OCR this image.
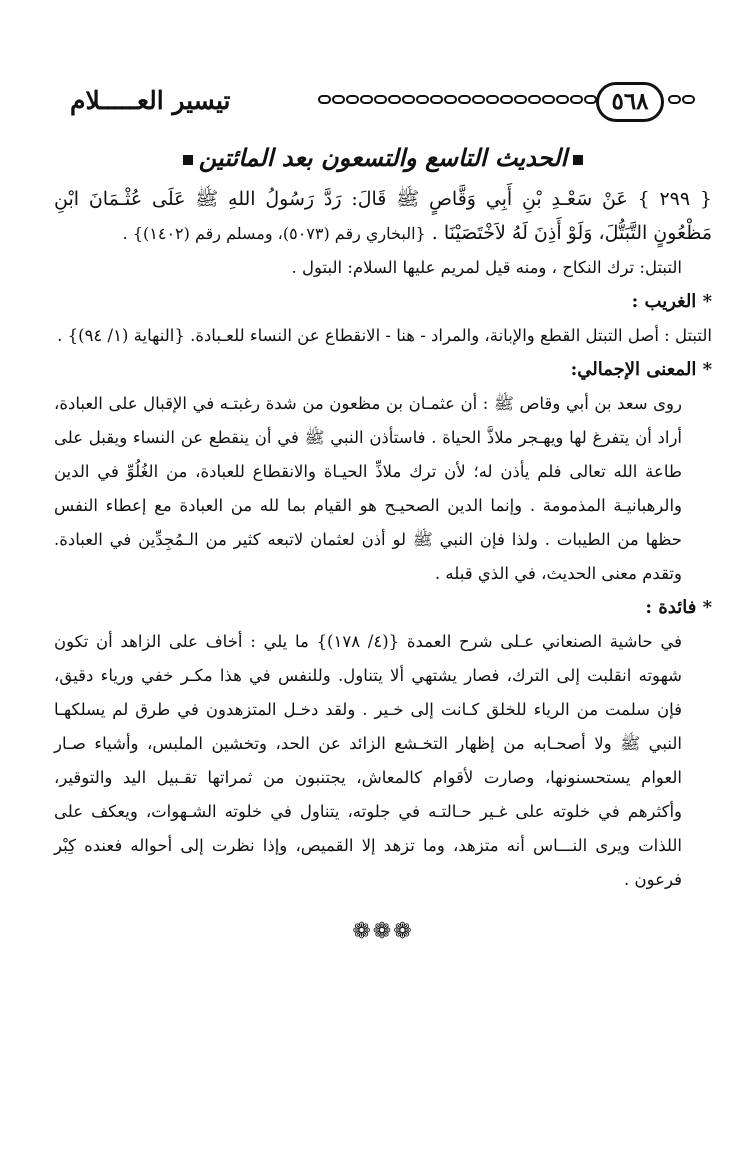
تيسير العـــــلام	٥٦٨

الحديث التاسع والتسعون بعد المائتين

{ ٢٩٩ } عَنْ سَعْـدِ بْنِ أَبِي وَقَّاصٍ ﷺ قَالَ: رَدَّ رَسُولُ اللهِ ﷺ عَلَى عُثْـمَانَ ابْنِ مَظْعُونٍ التَّبَتُّلَ، وَلَوْ أَذِنَ لَهُ لاَخْتَصَيْنَا . {البخاري رقم (٥٠٧٣)، ومسلم رقم (١٤٠٢)} .

التبتل: ترك النكاح ، ومنه قيل لمريم عليها السلام: البتول .

* الغريب :

التبتل : أصل التبتل القطع والإبانة، والمراد - هنا - الانقطاع عن النساء للعـبادة. {النهاية (١/ ٩٤)} .

* المعنى الإجمالي:

روى سعد بن أبي وقاص ﷺ : أن عثمـان بن مظعون من شدة رغبتـه في الإقبال على العبادة، أراد أن يتفرغ لها ويهـجر ملاذَّ الحياة . فاستأذن النبي ﷺ في أن ينقطع عن النساء ويقبل على طاعة الله تعالى فلم يأذن له؛ لأن ترك ملاذِّ الحيـاة والانقطاع للعبادة، من الغُلُوِّ في الدين والرهبانيـة المذمومة . وإنما الدين الصحيـح هو القيام بما لله من العبادة مع إعطاء النفس حظها من الطيبات . ولذا فإن النبي ﷺ لو أذن لعثمان لاتبعه كثير من الـمُجِدِّين في العبادة. وتقدم معنى الحديث، في الذي قبله .

* فائدة :

في حاشية الصنعاني عـلى شرح العمدة {(٤/ ١٧٨)} ما يلي : أخاف على الزاهد أن تكون شهوته انقلبت إلى الترك، فصار يشتهي ألا يتناول. وللنفس في هذا مكـر خفي ورياء دقيق، فإن سلمت من الرياء للخلق كـانت إلى خـير . ولقد دخـل المتزهدون في طرق لم يسلكهـا النبي ﷺ ولا أصحـابه من إظهار التخـشع الزائد عن الحد، وتخشين الملبس، وأشياء صـار العوام يستحسنونها، وصارت لأقوام كالمعاش، يجتنبون من ثمراتها تقـبيل اليد والتوقير، وأكثرهم في خلوته على غـير حـالتـه في جلوته، يتناول في خلوته الشـهوات، ويعكف على اللذات ويرى النـــاس أنه متزهد، وما تزهد إلا القميص، وإذا نظرت إلى أحواله فعنده كِبْر فرعون .

❁❁❁
